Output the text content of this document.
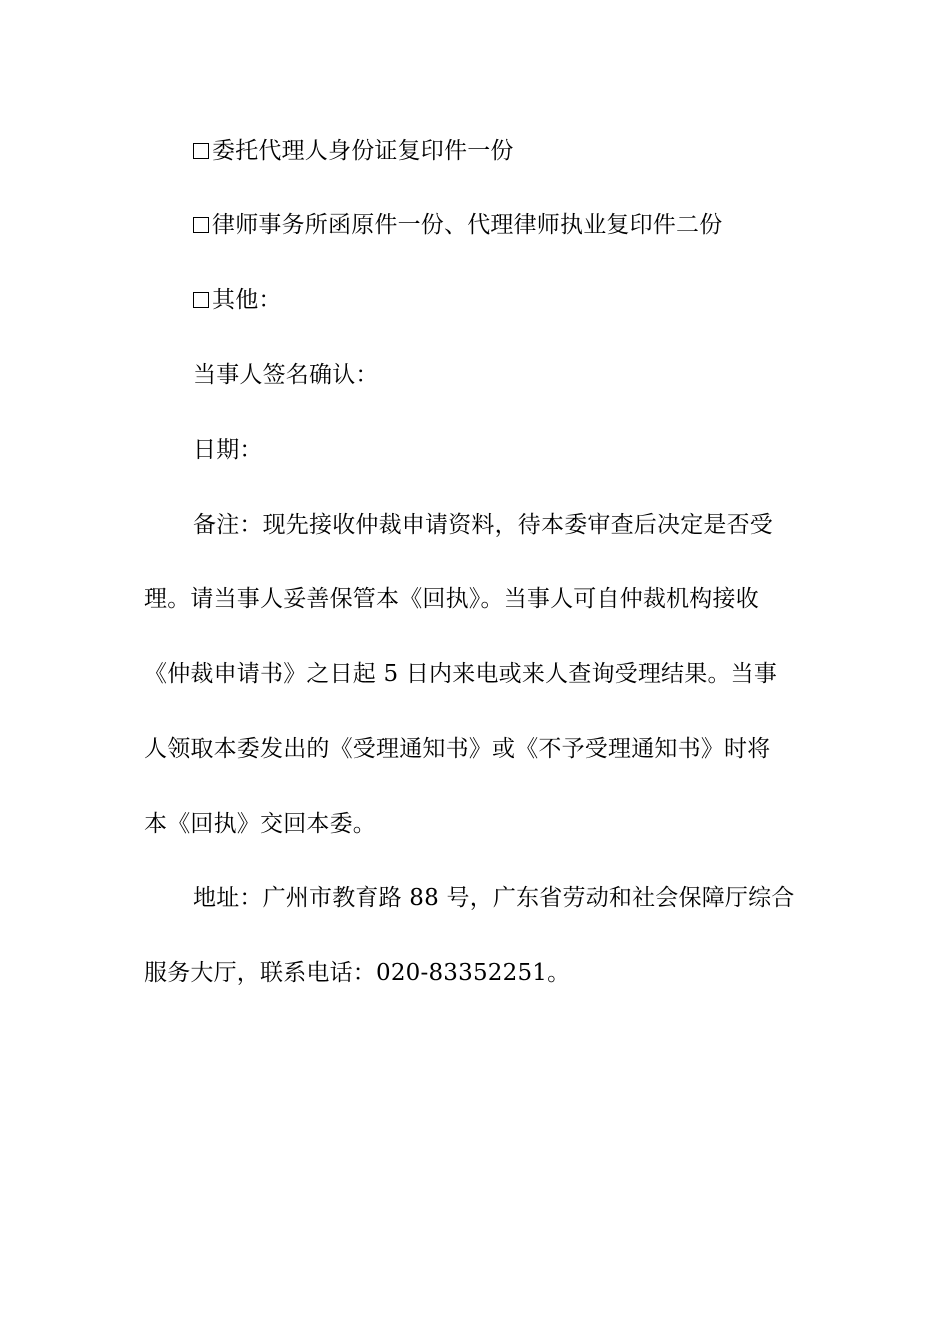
委托代理人身份证复印件一份
律师事务所函原件一份、代理律师执业复印件二份
其他：
当事人签名确认：
日期：
备注：现先接收仲裁申请资料，待本委审查后决定是否受
理。请当事人妥善保管本《回执》。当事人可自仲裁机构接收
《仲裁申请书》之日起 5 日内来电或来人查询受理结果。当事
人领取本委发出的《受理通知书》或《不予受理通知书》时将
本《回执》交回本委。
地址：广州市教育路 88 号，广东省劳动和社会保障厅综合
服务大厅，联系电话：020-83352251。
